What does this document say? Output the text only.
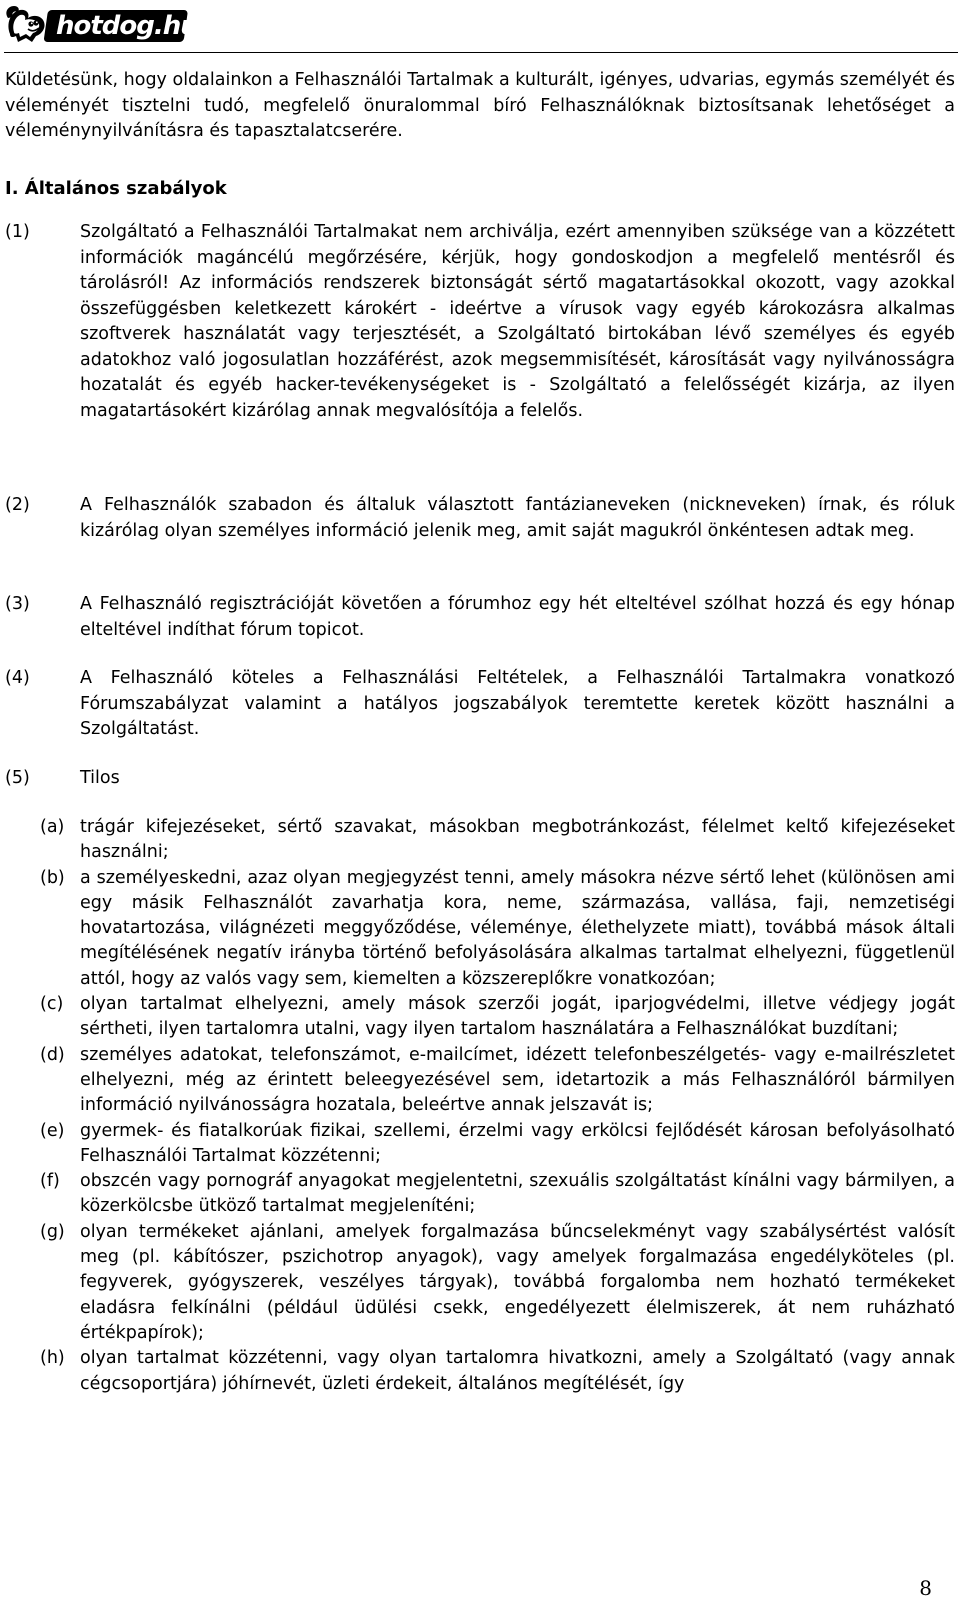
hotdog.hu

Küldetésünk, hogy oldalainkon a Felhasználói Tartalmak a kulturált, igényes, udvarias, egymás személyét és véleményét tisztelni tudó, megfelelő önuralommal bíró Felhasználóknak biztosítsanak lehetőséget a véleménynyilvánításra és tapasztalatcserére.

I. Általános szabályok
(1)	Szolgáltató a Felhasználói Tartalmakat nem archiválja, ezért amennyiben szüksége van a közzétett információk magáncélú megőrzésére, kérjük, hogy gondoskodjon a megfelelő mentésről és tárolásról! Az információs rendszerek biztonságát sértő magatartásokkal okozott, vagy azokkal összefüggésben keletkezett károkért - ideértve a vírusok vagy egyéb károkozásra alkalmas szoftverek használatát vagy terjesztését, a Szolgáltató birtokában lévő személyes és egyéb adatokhoz való jogosulatlan hozzáférést, azok megsemmisítését, károsítását vagy nyilvánosságra hozatalát és egyéb hacker-tevékenységeket is - Szolgáltató a felelősségét kizárja, az ilyen magatartásokért kizárólag annak megvalósítója a felelős.
(2)	A Felhasználók szabadon és általuk választott fantázianeveken (nickneveken) írnak, és róluk kizárólag olyan személyes információ jelenik meg, amit saját magukról önkéntesen adtak meg.
(3)	A Felhasználó regisztrációját követően a fórumhoz egy hét elteltével szólhat hozzá és egy hónap elteltével indíthat fórum topicot.
(4)	A Felhasználó köteles a Felhasználási Feltételek, a Felhasználói Tartalmakra vonatkozó Fórumszabályzat valamint a hatályos jogszabályok teremtette keretek között használni a Szolgáltatást.
(5)	Tilos
(a) trágár kifejezéseket, sértő szavakat, másokban megbotránkozást, félelmet keltő kifejezéseket használni;
(b) a személyeskedni, azaz olyan megjegyzést tenni, amely másokra nézve sértő lehet (különösen ami egy másik Felhasználót zavarhatja kora, neme, származása, vallása, faji, nemzetiségi hovatartozása, világnézeti meggyőződése, véleménye, élethelyzete miatt), továbbá mások általi megítélésének negatív irányba történő befolyásolására alkalmas tartalmat elhelyezni, függetlenül attól, hogy az valós vagy sem, kiemelten a közszereplőkre vonatkozóan;
(c) olyan tartalmat elhelyezni, amely mások szerzői jogát, iparjogvédelmi, illetve védjegy jogát sértheti, ilyen tartalomra utalni, vagy ilyen tartalom használatára a Felhasználókat buzdítani;
(d) személyes adatokat, telefonszámot, e-mailcímet, idézett telefonbeszélgetés- vagy e-mailrészletet elhelyezni, még az érintett beleegyezésével sem, idetartozik a más Felhasználóról bármilyen információ nyilvánosságra hozatala, beleértve annak jelszavát is;
(e) gyermek- és fiatalkorúak fizikai, szellemi, érzelmi vagy erkölcsi fejlődését károsan befolyásolható Felhasználói Tartalmat közzétenni;
(f) obszcén vagy pornográf anyagokat megjelentetni, szexuális szolgáltatást kínálni vagy bármilyen, a közerkölcsbe ütköző tartalmat megjeleníténi;
(g) olyan termékeket ajánlani, amelyek forgalmazása bűncselekményt vagy szabálysértést valósít meg (pl. kábítószer, pszichotrop anyagok), vagy amelyek forgalmazása engedélyköteles (pl. fegyverek, gyógyszerek, veszélyes tárgyak), továbbá forgalomba nem hozható termékeket eladásra felkínálni (például üdülési csekk, engedélyezett élelmiszerek, át nem ruházható értékpapírok);
(h) olyan tartalmat közzétenni, vagy olyan tartalomra hivatkozni, amely a Szolgáltató (vagy annak cégcsoportjára) jóhírnevét, üzleti érdekeit, általános megítélését, így
8
